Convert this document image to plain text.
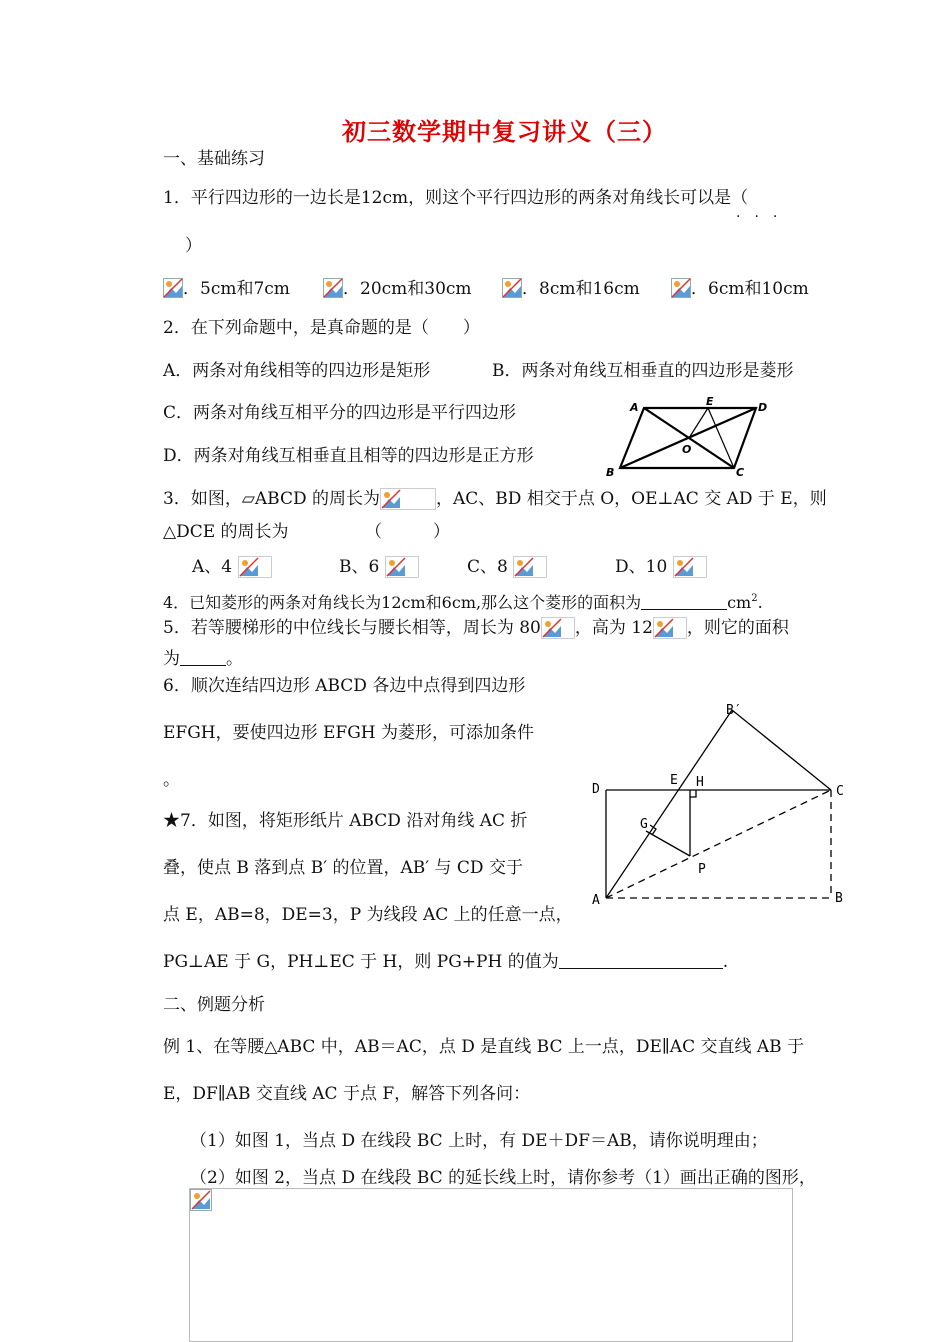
初三数学期中复习讲义（三）
一、基础练习
1．平行四边形的一边长是12cm，则这个平行四边形的两条对角线长可以是（
···
）
．5cm和7cm	．20cm和30cm	．8cm和16cm	．6cm和10cm
2．在下列命题中，是真命题的是（　　）
A．两条对角线相等的四边形是矩形	B．两条对角线互相垂直的四边形是菱形
C．两条对角线互相平分的四边形是平行四边形
D．两条对角线互相垂直且相等的四边形是正方形
A	E	D
O
B	C
3．如图，▱ABCD 的周长为	，AC、BD 相交于点 O，OE⊥AC 交 AD 于 E，则
△DCE 的周长为　　　　　（　　　）
A、4	B、6	C、8	D、10
4．已知菱形的两条对角线长为12cm和6cm,那么这个菱形的面积为	$cm^2$.
5．若等腰梯形的中位线长与腰长相等，周长为 80 ，高为 12 ，则它的面积
为	。
6．顺次连结四边形 ABCD 各边中点得到四边形
EFGH，要使四边形 EFGH 为菱形，可添加条件
。
★7．如图，将矩形纸片 ABCD 沿对角线 AC 折
叠，使点 B 落到点 B′ 的位置，AB′ 与 CD 交于
点 E，AB=8，DE=3，P 为线段 AC 上的任意一点，
PG⊥AE 于 G，PH⊥EC 于 H，则 PG+PH 的值为	.
B′
D
E H
C
G
P
A	B
二、例题分析
例 1、在等腰△ABC 中，AB＝AC，点 D 是直线 BC 上一点，DE∥AC 交直线 AB 于
E，DF∥AB 交直线 AC 于点 F，解答下列各问：
（1）如图 1，当点 D 在线段 BC 上时，有 DE＋DF＝AB，请你说明理由；
（2）如图 2，当点 D 在线段 BC 的延长线上时，请你参考（1）画出正确的图形，
